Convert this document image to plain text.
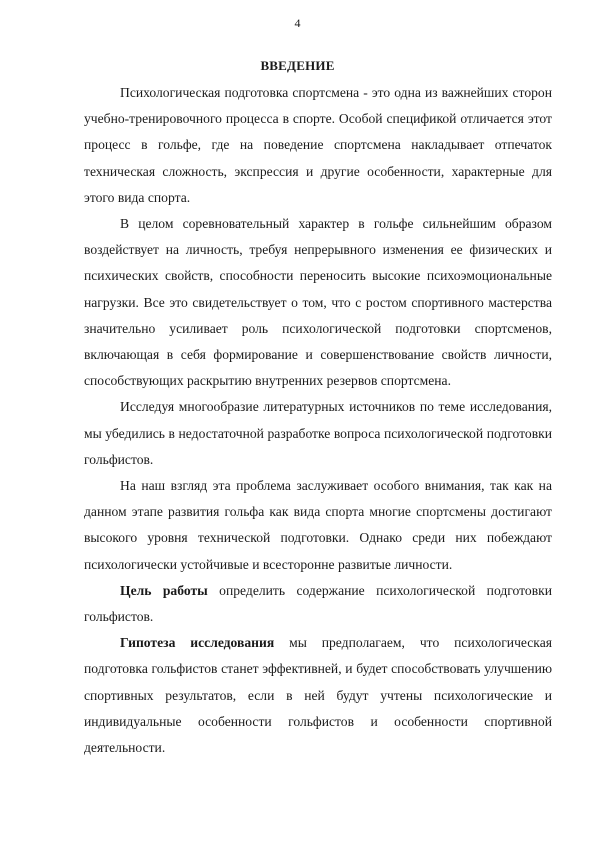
4
ВВЕДЕНИЕ

Психологическая подготовка спортсмена - это одна из важнейших сторон учебно-тренировочного процесса в спорте. Особой спецификой отличается этот процесс в гольфе, где на поведение спортсмена накладывает отпечаток техническая сложность, экспрессия и другие особенности, характерные для этого вида спорта.

В целом соревновательный характер в гольфе сильнейшим образом воздействует на личность, требуя непрерывного изменения ее физических и психических свойств, способности переносить высокие психоэмоциональные нагрузки. Все это свидетельствует о том, что с ростом спортивного мастерства значительно усиливает роль психологической подготовки спортсменов, включающая в себя формирование и совершенствование свойств личности, способствующих раскрытию внутренних резервов спортсмена.

Исследуя многообразие литературных источников по теме исследования, мы убедились в недостаточной разработке вопроса психологической подготовки гольфистов.

На наш взгляд эта проблема заслуживает особого внимания, так как на данном этапе развития гольфа как вида спорта многие спортсмены достигают высокого уровня технической подготовки. Однако среди них побеждают психологически устойчивые и всесторонне развитые личности.

Цель работы определить содержание психологической подготовки гольфистов.

Гипотеза исследования мы предполагаем, что психологическая подготовка гольфистов станет эффективней, и будет способствовать улучшению спортивных результатов, если в ней будут учтены психологические и индивидуальные особенности гольфистов и особенности спортивной деятельности.
